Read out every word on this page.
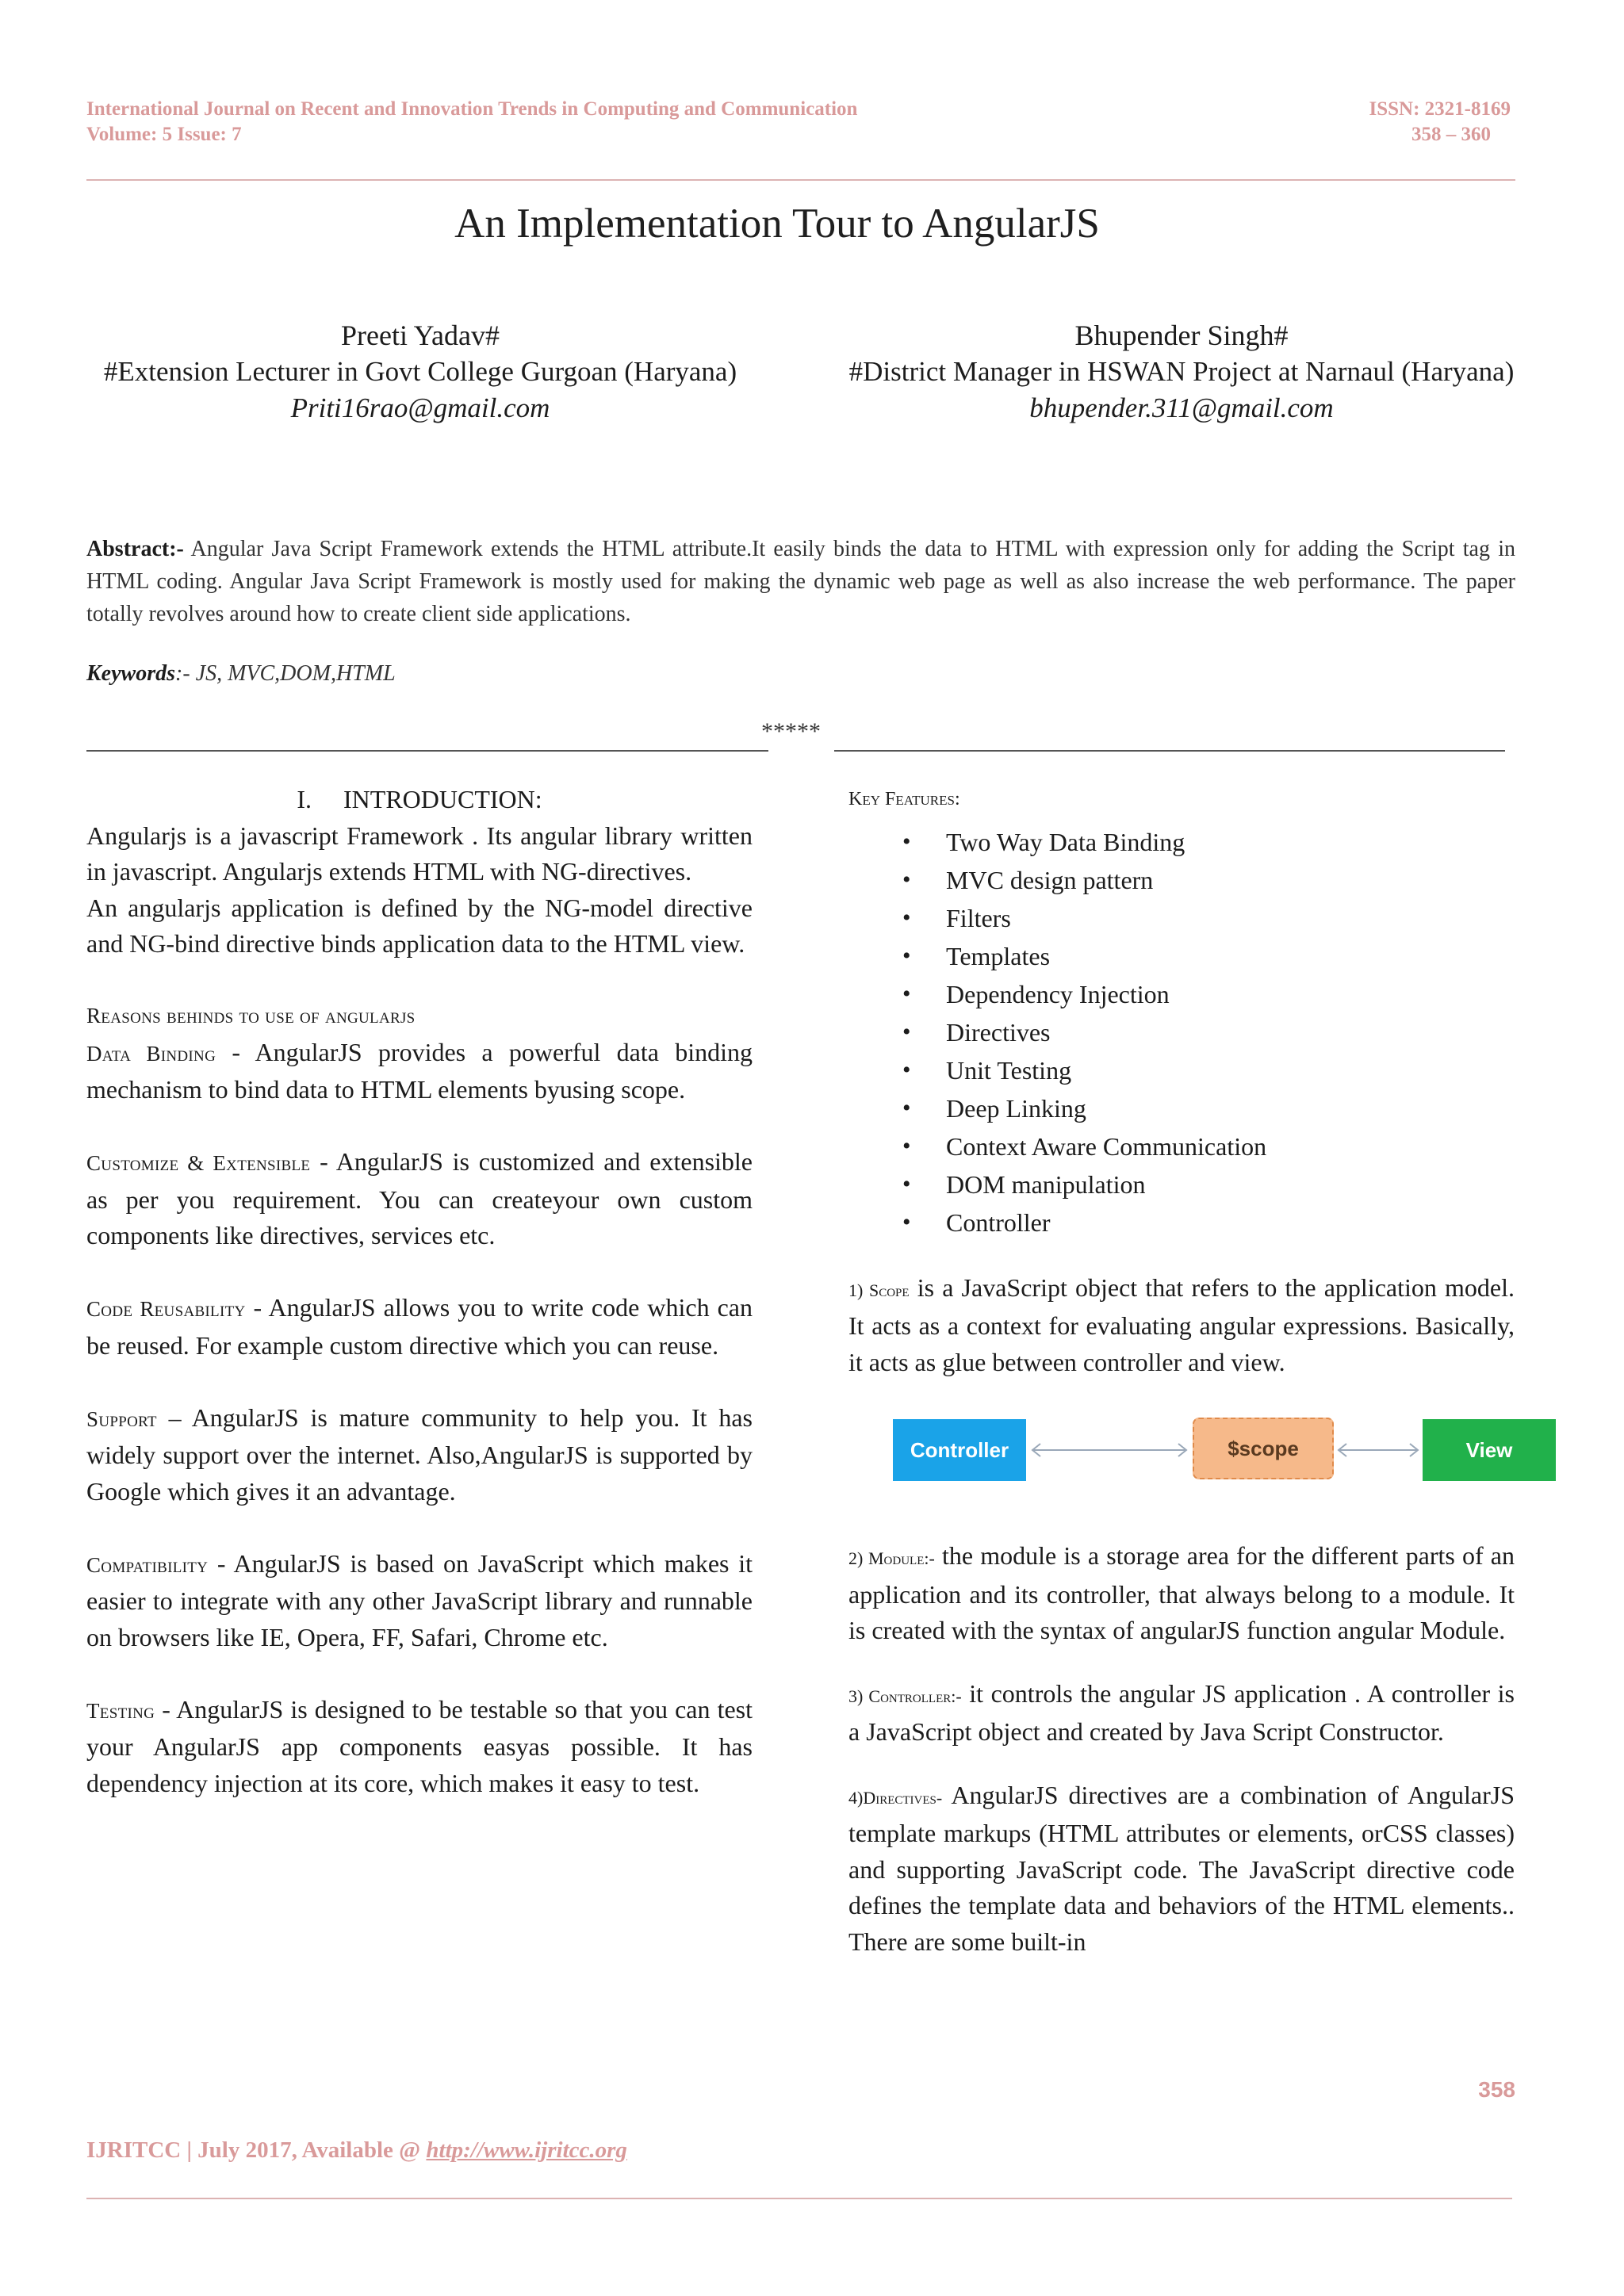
International Journal on Recent and Innovation Trends in Computing and Communication
Volume: 5 Issue: 7
ISSN: 2321-8169
358 – 360
An Implementation Tour to AngularJS
Preeti Yadav#
#Extension Lecturer in Govt College Gurgoan (Haryana)
Priti16rao@gmail.com
Bhupender Singh#
#District Manager in HSWAN Project at Narnaul (Haryana)
bhupender.311@gmail.com
Abstract:- Angular Java Script Framework extends the HTML attribute.It easily binds the data to HTML with expression only for adding the Script tag in HTML coding. Angular Java Script Framework is mostly used for making the dynamic web page as well as also increase the web performance. The paper totally revolves around how to create client side applications.
Keywords:- JS, MVC,DOM,HTML
*****

I.     INTRODUCTION:

Angularjs is a javascript Framework . Its angular library written in javascript. Angularjs extends HTML with NG-directives.

An angularjs application is defined by the NG-model directive and NG-bind directive binds application data to the HTML view.

Reasons behinds to use of angularjs

Data Binding - AngularJS provides a powerful data binding mechanism to bind data to HTML elements byusing scope.

Customize & Extensible - AngularJS is customized and extensible as per you requirement. You can createyour own custom components like directives, services etc.

Code Reusability - AngularJS allows you to write code which can be reused. For example custom directive which you can reuse.

Support – AngularJS is mature community to help you. It has widely support over the internet. Also,AngularJS is supported by Google which gives it an advantage.

Compatibility - AngularJS is based on JavaScript which makes it easier to integrate with any other JavaScript library and runnable on browsers like IE, Opera, FF, Safari, Chrome etc.

Testing - AngularJS is designed to be testable so that you can test your AngularJS app components easyas possible. It has dependency injection at its core, which makes it easy to test.

Key Features:

• Two Way Data Binding
• MVC design pattern
• Filters
• Templates
• Dependency Injection
• Directives
• Unit Testing
• Deep Linking
• Context Aware Communication
• DOM manipulation
• Controller

1) Scope is a JavaScript object that refers to the application model. It acts as a context for evaluating angular expressions. Basically, it acts as glue between controller and view.

Controller	$scope	View

2) Module:- the module is a storage area for the different parts of an application and its controller, that always belong to a module. It is created with the syntax of angularJS function angular Module.

3) Controller:- it controls the angular JS application . A controller is a JavaScript object and created by Java Script Constructor.

4)Directives- AngularJS directives are a combination of AngularJS template markups (HTML attributes or elements, orCSS classes) and supporting JavaScript code. The JavaScript directive code defines the template data and behaviors of the HTML elements.. There are some built-in

358
IJRITCC | July 2017, Available @ http://www.ijritcc.org
